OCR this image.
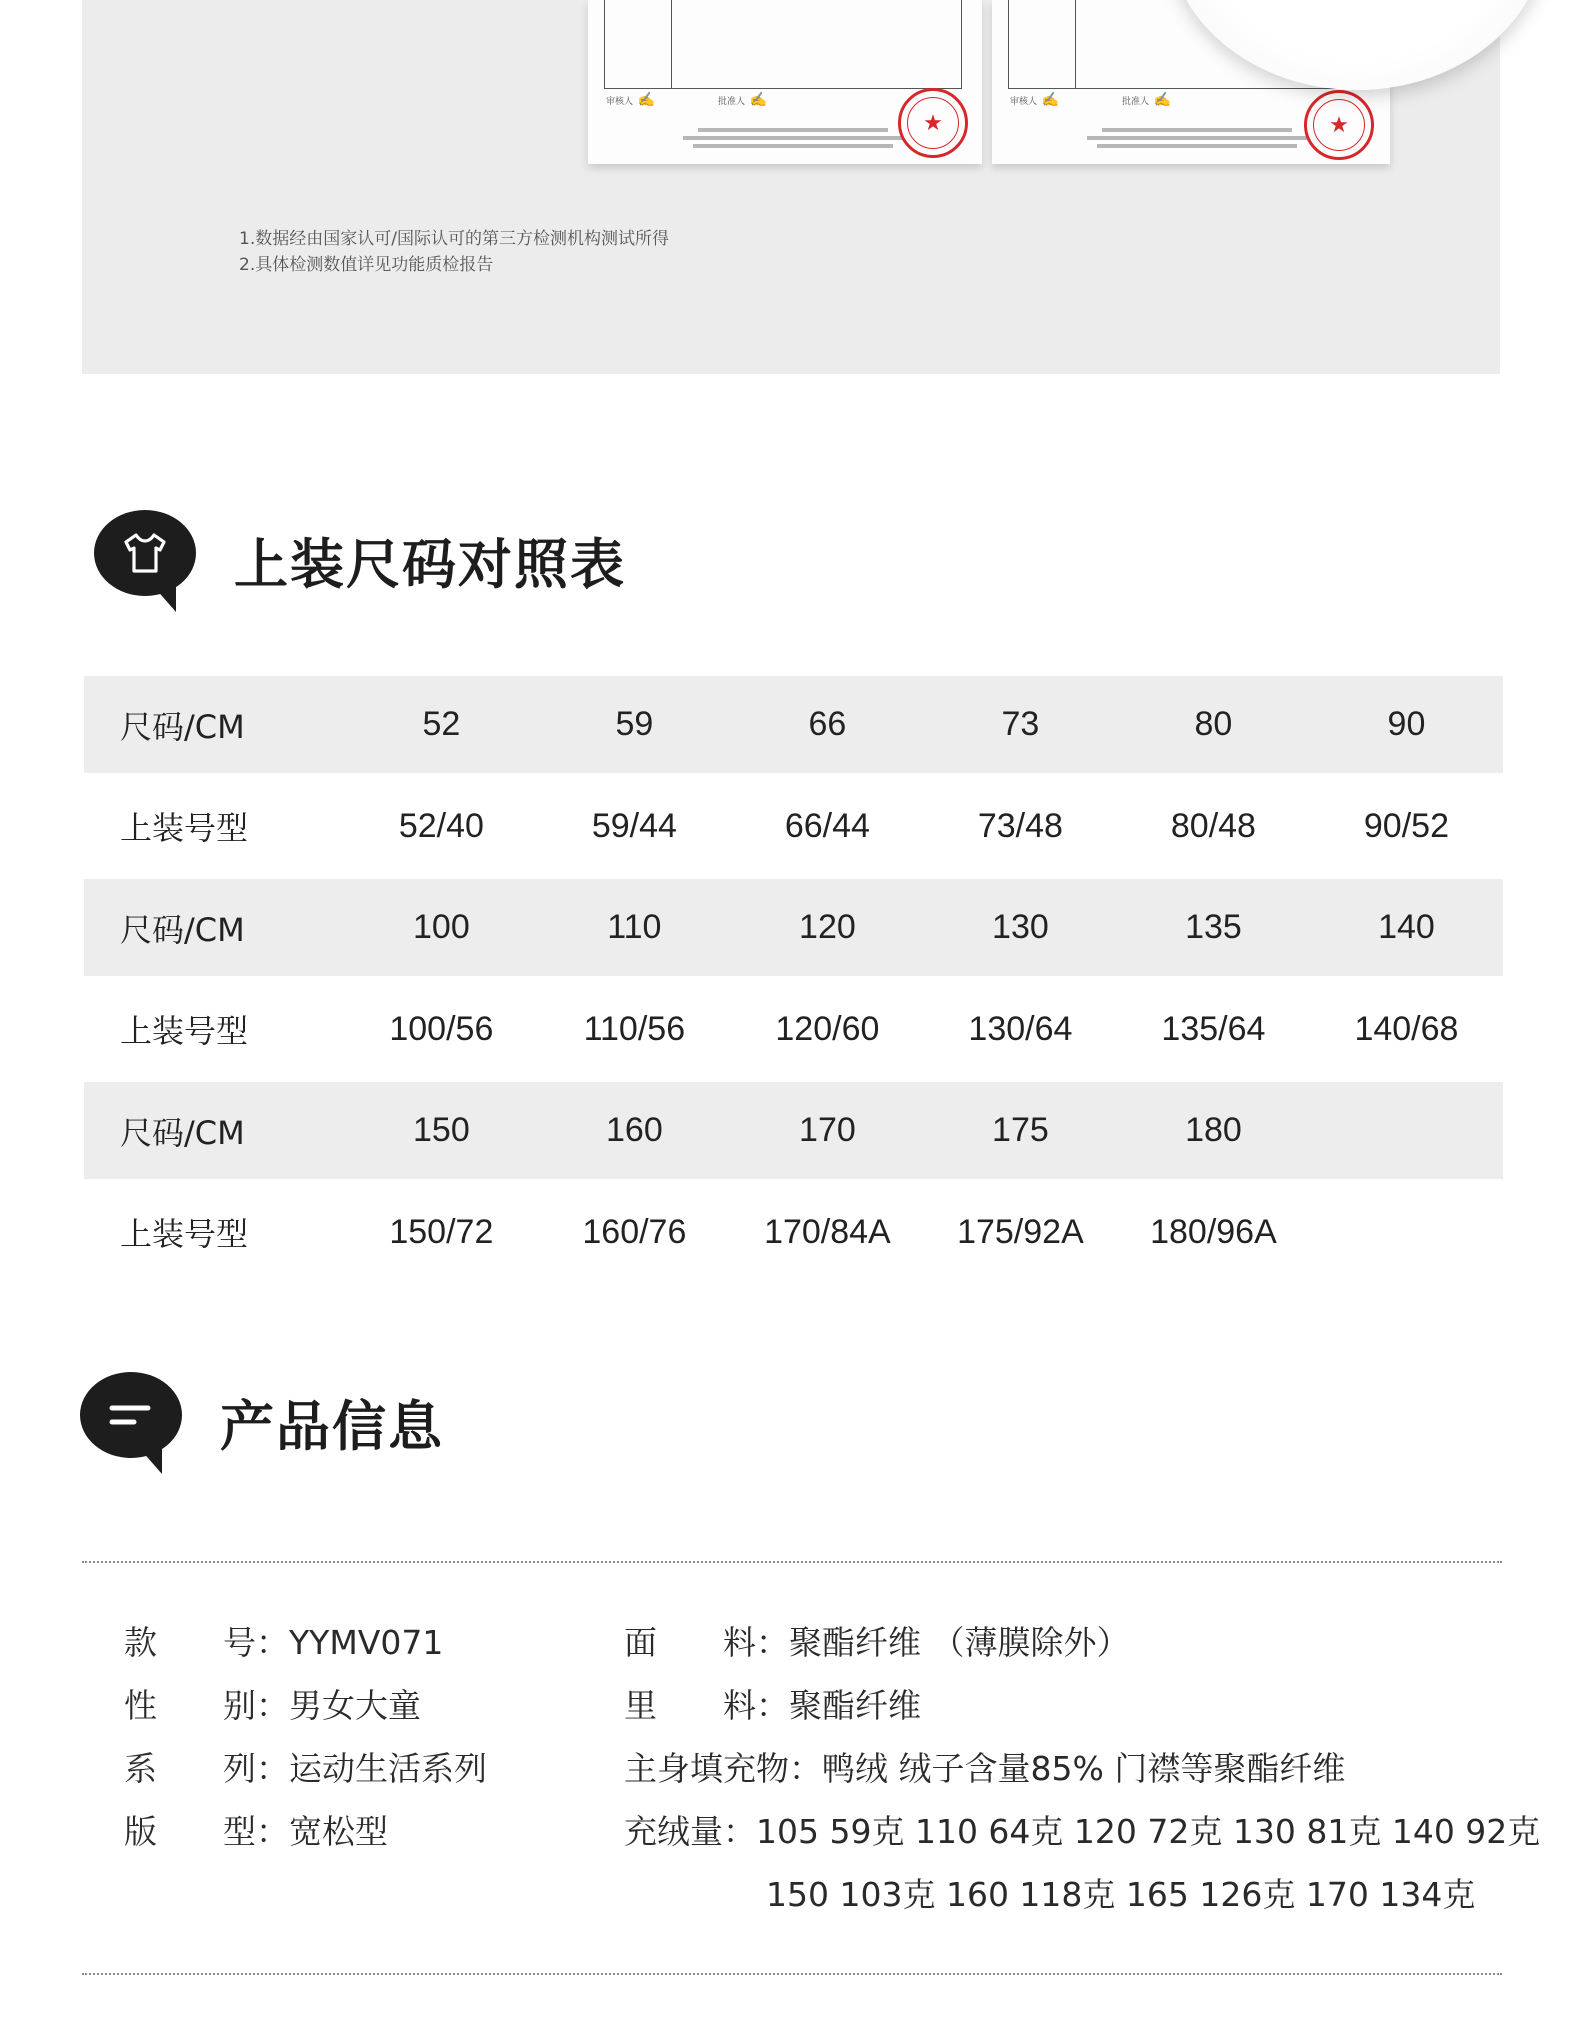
审核人 ✍	批准人 ✍
★
审核人 ✍	批准人 ✍
★
1.数据经由国家认可/国际认可的第三方检测机构测试所得
2.具体检测数值详见功能质检报告
上装尺码对照表
尺码/CM	52	59	66	73	80	90
上装号型	52/40	59/44	66/44	73/48	80/48	90/52
尺码/CM	100	110	120	130	135	140
上装号型	100/56	110/56	120/60	130/64	135/64	140/68
尺码/CM	150	160	170	175	180
上装号型	150/72	160/76	170/84A	175/92A	180/96A
产品信息
款　　号： YYMV071
性　　别： 男女大童
系　　列： 运动生活系列
版　　型： 宽松型
面　　料： 聚酯纤维 （薄膜除外）
里　　料： 聚酯纤维
主身填充物： 鸭绒 绒子含量85% 门襟等聚酯纤维
充绒量： 105 59克 110 64克 120 72克 130 81克 140 92克
150 103克 160 118克 165 126克 170 134克
